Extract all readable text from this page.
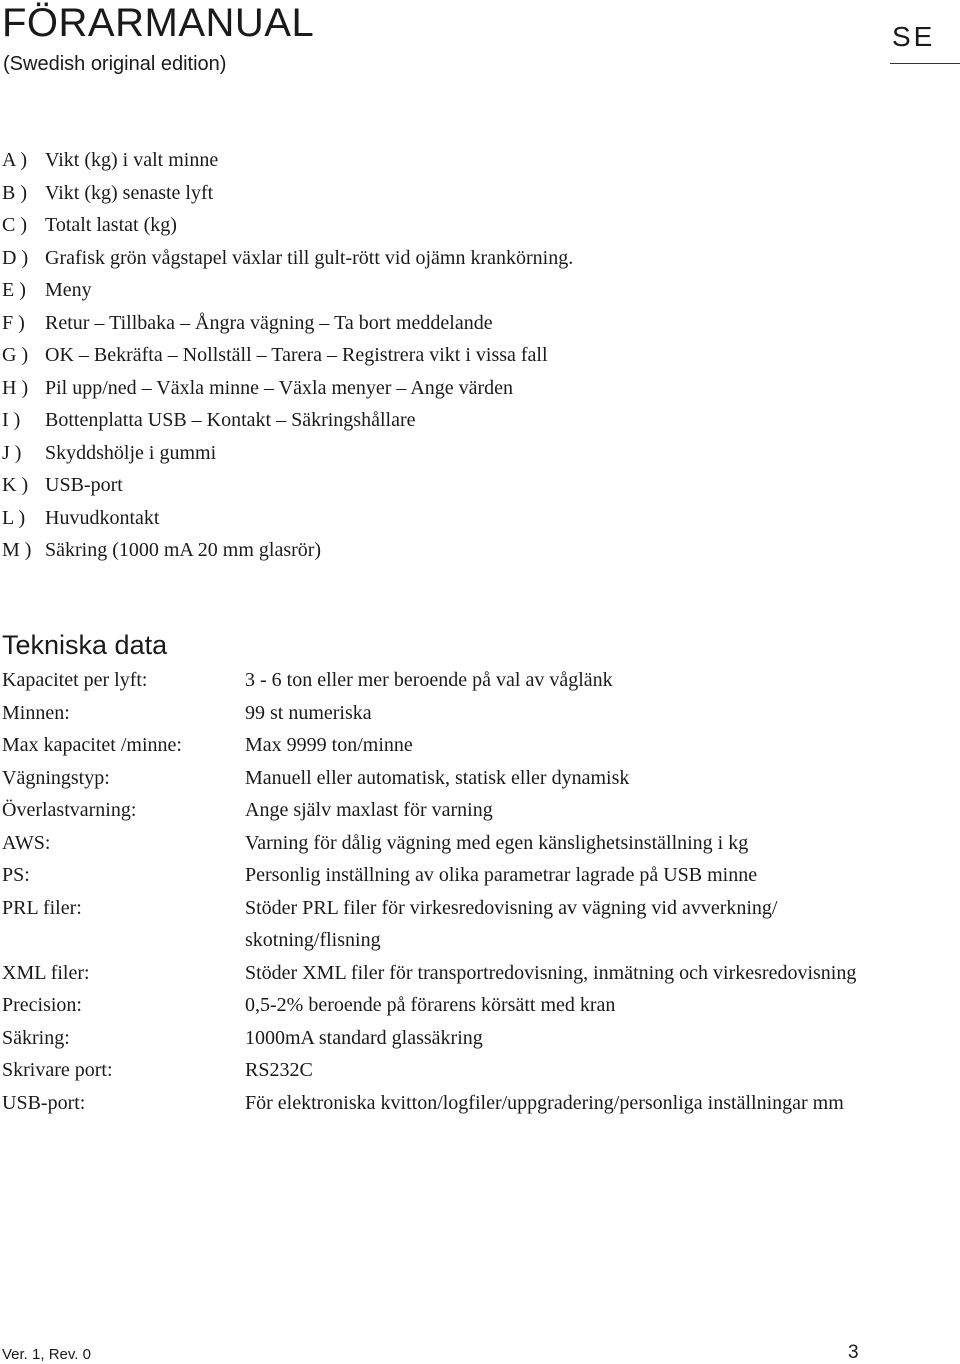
FÖRARMANUAL
(Swedish original edition)
SE
A ) Vikt (kg) i valt minne
B ) Vikt (kg) senaste lyft
C ) Totalt lastat (kg)
D ) Grafisk grön vågstapel växlar till gult-rött vid ojämn krankörning.
E ) Meny
F ) Retur – Tillbaka – Ångra vägning – Ta bort meddelande
G ) OK – Bekräfta – Nollställ – Tarera – Registrera vikt i vissa fall
H ) Pil upp/ned – Växla minne – Växla menyer – Ange värden
I ) Bottenplatta USB – Kontakt – Säkringshållare
J ) Skyddshölje i gummi
K ) USB-port
L ) Huvudkontakt
M ) Säkring (1000 mA 20 mm glasrör)
Tekniska data
Kapacitet per lyft:	3 - 6 ton eller mer beroende på val av våglänk
Minnen:	99 st numeriska
Max kapacitet /minne:	Max 9999 ton/minne
Vägningstyp:	Manuell eller automatisk, statisk eller dynamisk
Överlastvarning:	Ange själv maxlast för varning
AWS:	Varning för dålig vägning med egen känslighetsinställning i kg
PS:	Personlig inställning av olika parametrar lagrade på USB minne
PRL filer:	Stöder PRL filer för virkesredovisning av vägning vid avverkning/ skotning/flisning
XML filer:	Stöder XML filer för transportredovisning, inmätning och virkesredovisning
Precision:	0,5-2% beroende på förarens körsätt med kran
Säkring:	1000mA standard glassäkring
Skrivare port:	RS232C
USB-port:	För elektroniska kvitton/logfiler/uppgradering/personliga inställningar mm
Ver. 1, Rev. 0	3
